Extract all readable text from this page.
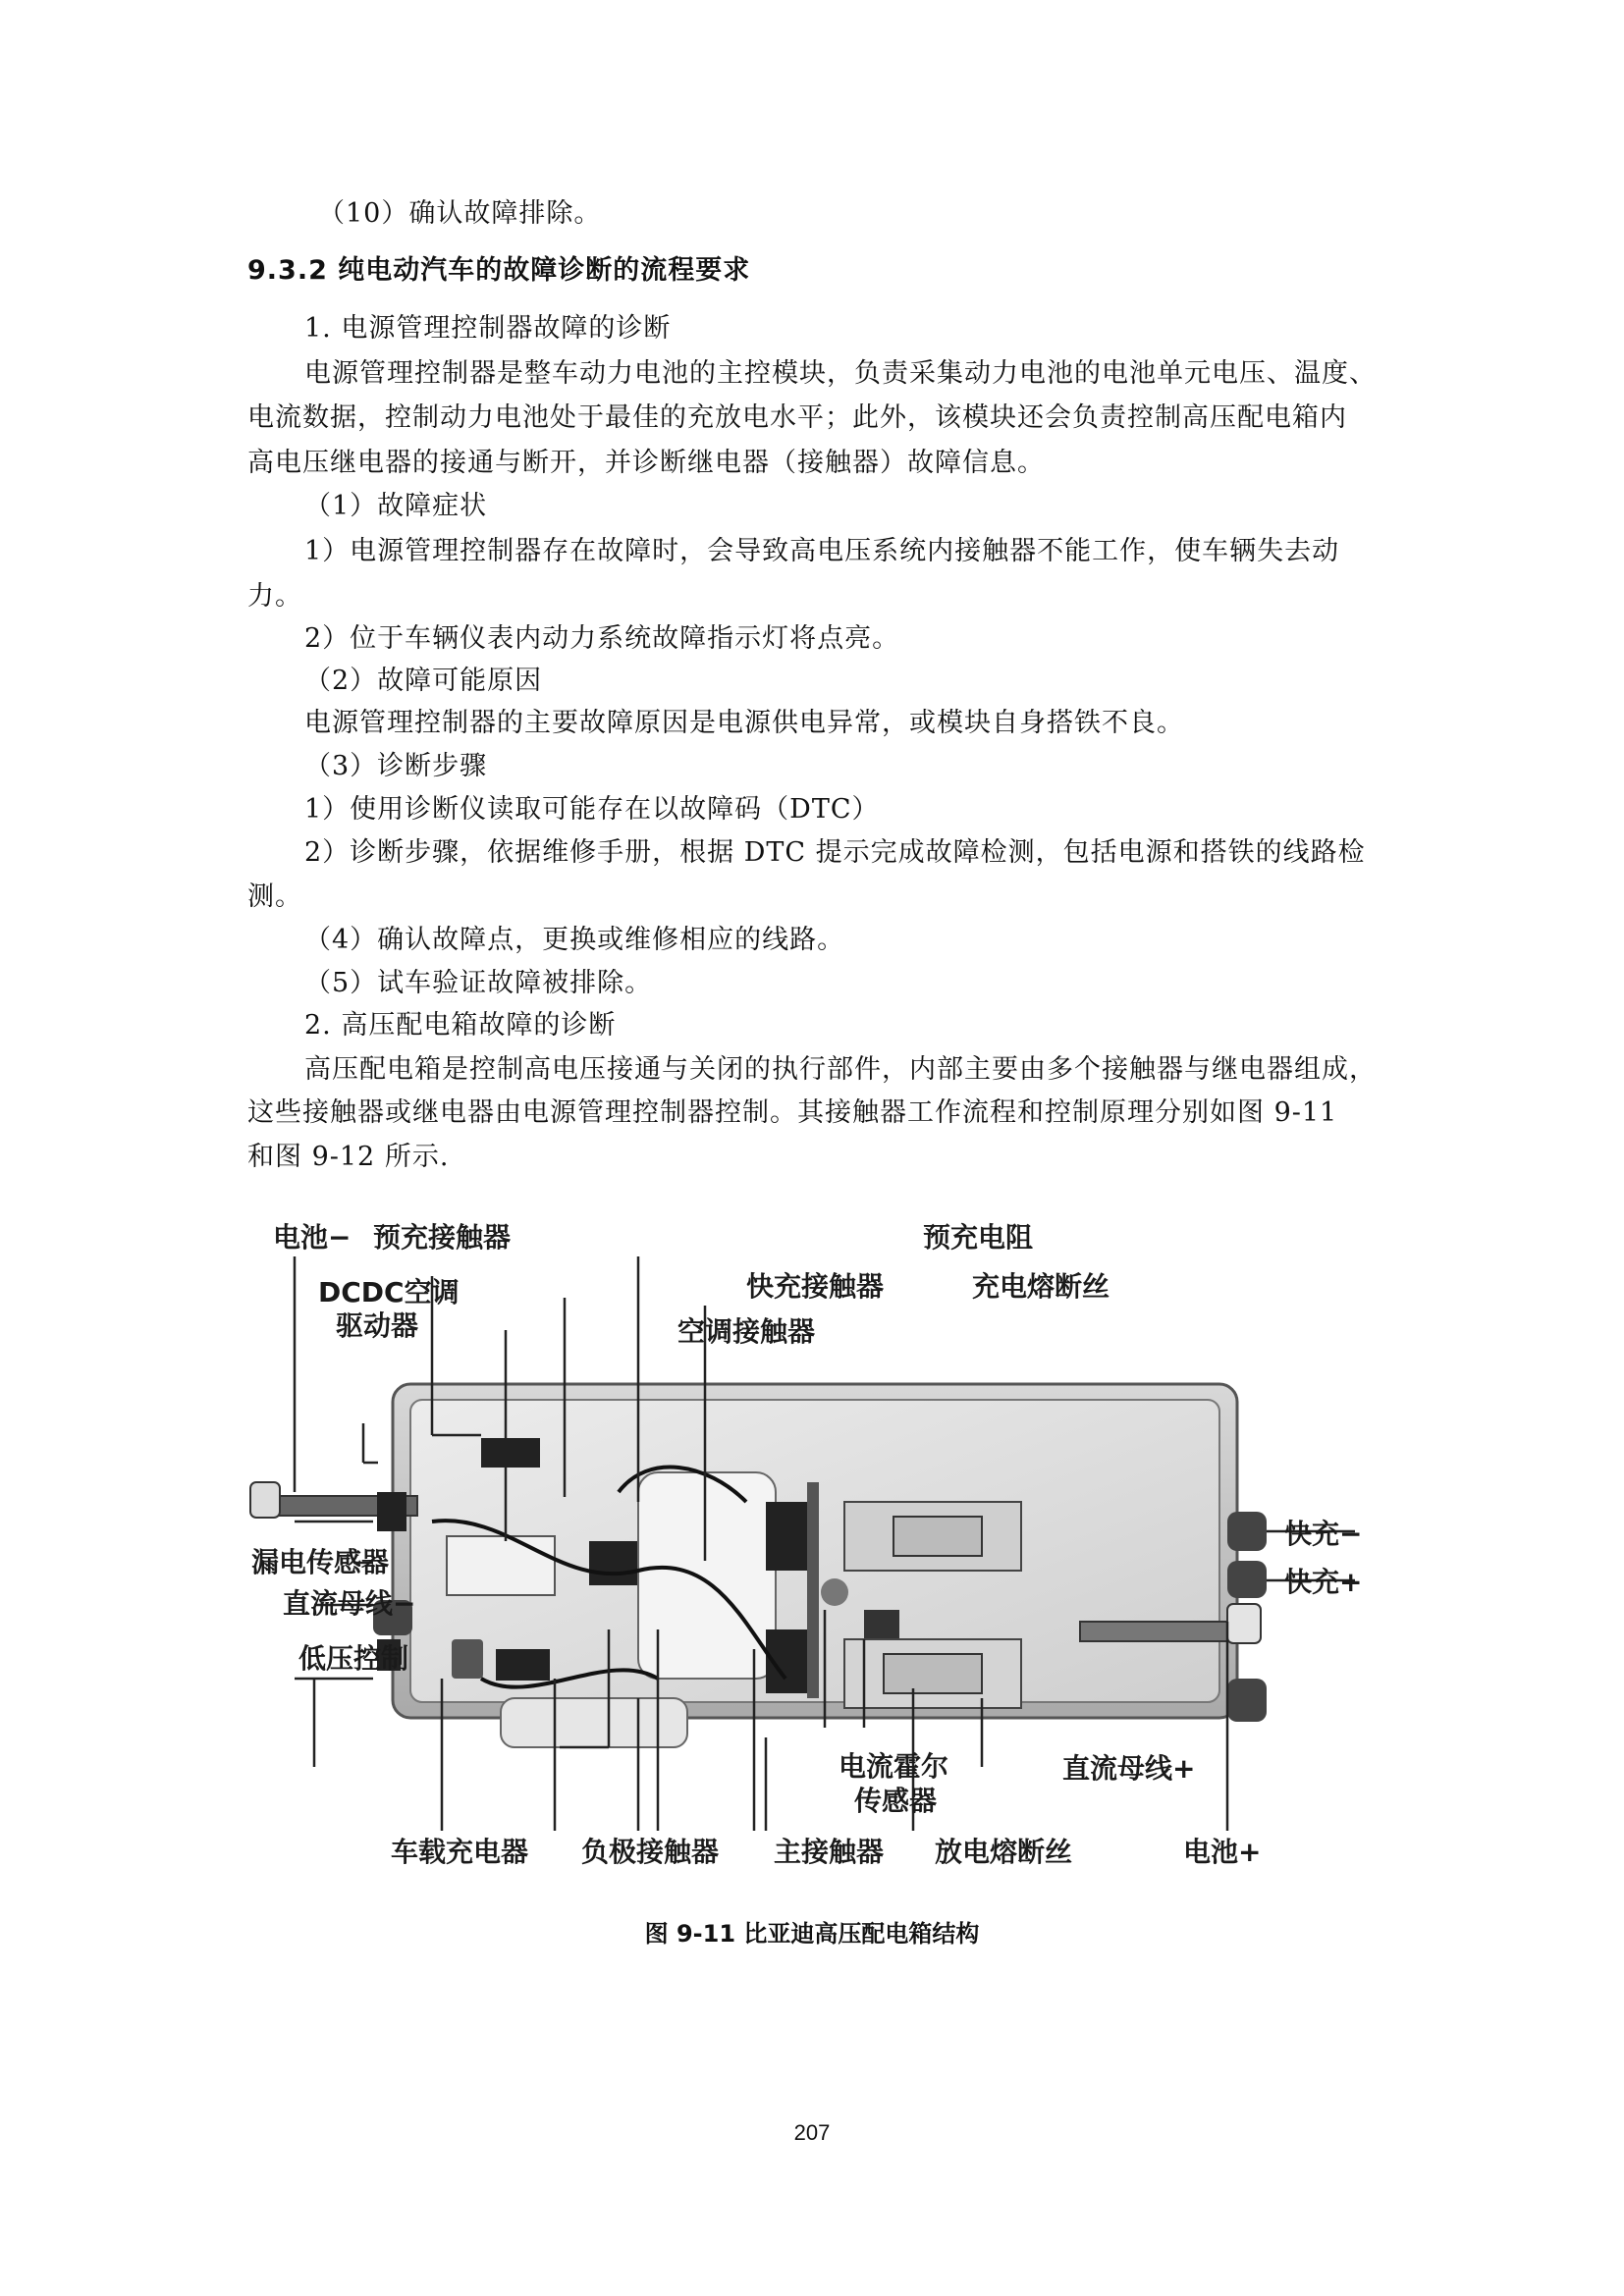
（10）确认故障排除。
9.3.2 纯电动汽车的故障诊断的流程要求
1. 电源管理控制器故障的诊断
电源管理控制器是整车动力电池的主控模块，负责采集动力电池的电池单元电压、温度、
电流数据，控制动力电池处于最佳的充放电水平；此外，该模块还会负责控制高压配电箱内
高电压继电器的接通与断开，并诊断继电器（接触器）故障信息。
（1）故障症状
1）电源管理控制器存在故障时，会导致高电压系统内接触器不能工作，使车辆失去动
力。
2）位于车辆仪表内动力系统故障指示灯将点亮。
（2）故障可能原因
电源管理控制器的主要故障原因是电源供电异常，或模块自身搭铁不良。
（3）诊断步骤
1）使用诊断仪读取可能存在以故障码（DTC）
2）诊断步骤，依据维修手册，根据 DTC 提示完成故障检测，包括电源和搭铁的线路检
测。
（4）确认故障点，更换或维修相应的线路。
（5）试车验证故障被排除。
2. 高压配电箱故障的诊断
高压配电箱是控制高电压接通与关闭的执行部件，内部主要由多个接触器与继电器组成，
这些接触器或继电器由电源管理控制器控制。其接触器工作流程和控制原理分别如图 9-11
和图 9-12 所示.
电池− 预充接触器	预充电阻
DCDC空调
驱动器
快充接触器	充电熔断丝
空调接触器
快充−
快充+
漏电传感器
直流母线−
低压控制
电流霍尔
传感器
直流母线+
车载充电器 负极接触器 主接触器 放电熔断丝	电池+
图 9-11 比亚迪高压配电箱结构
207
